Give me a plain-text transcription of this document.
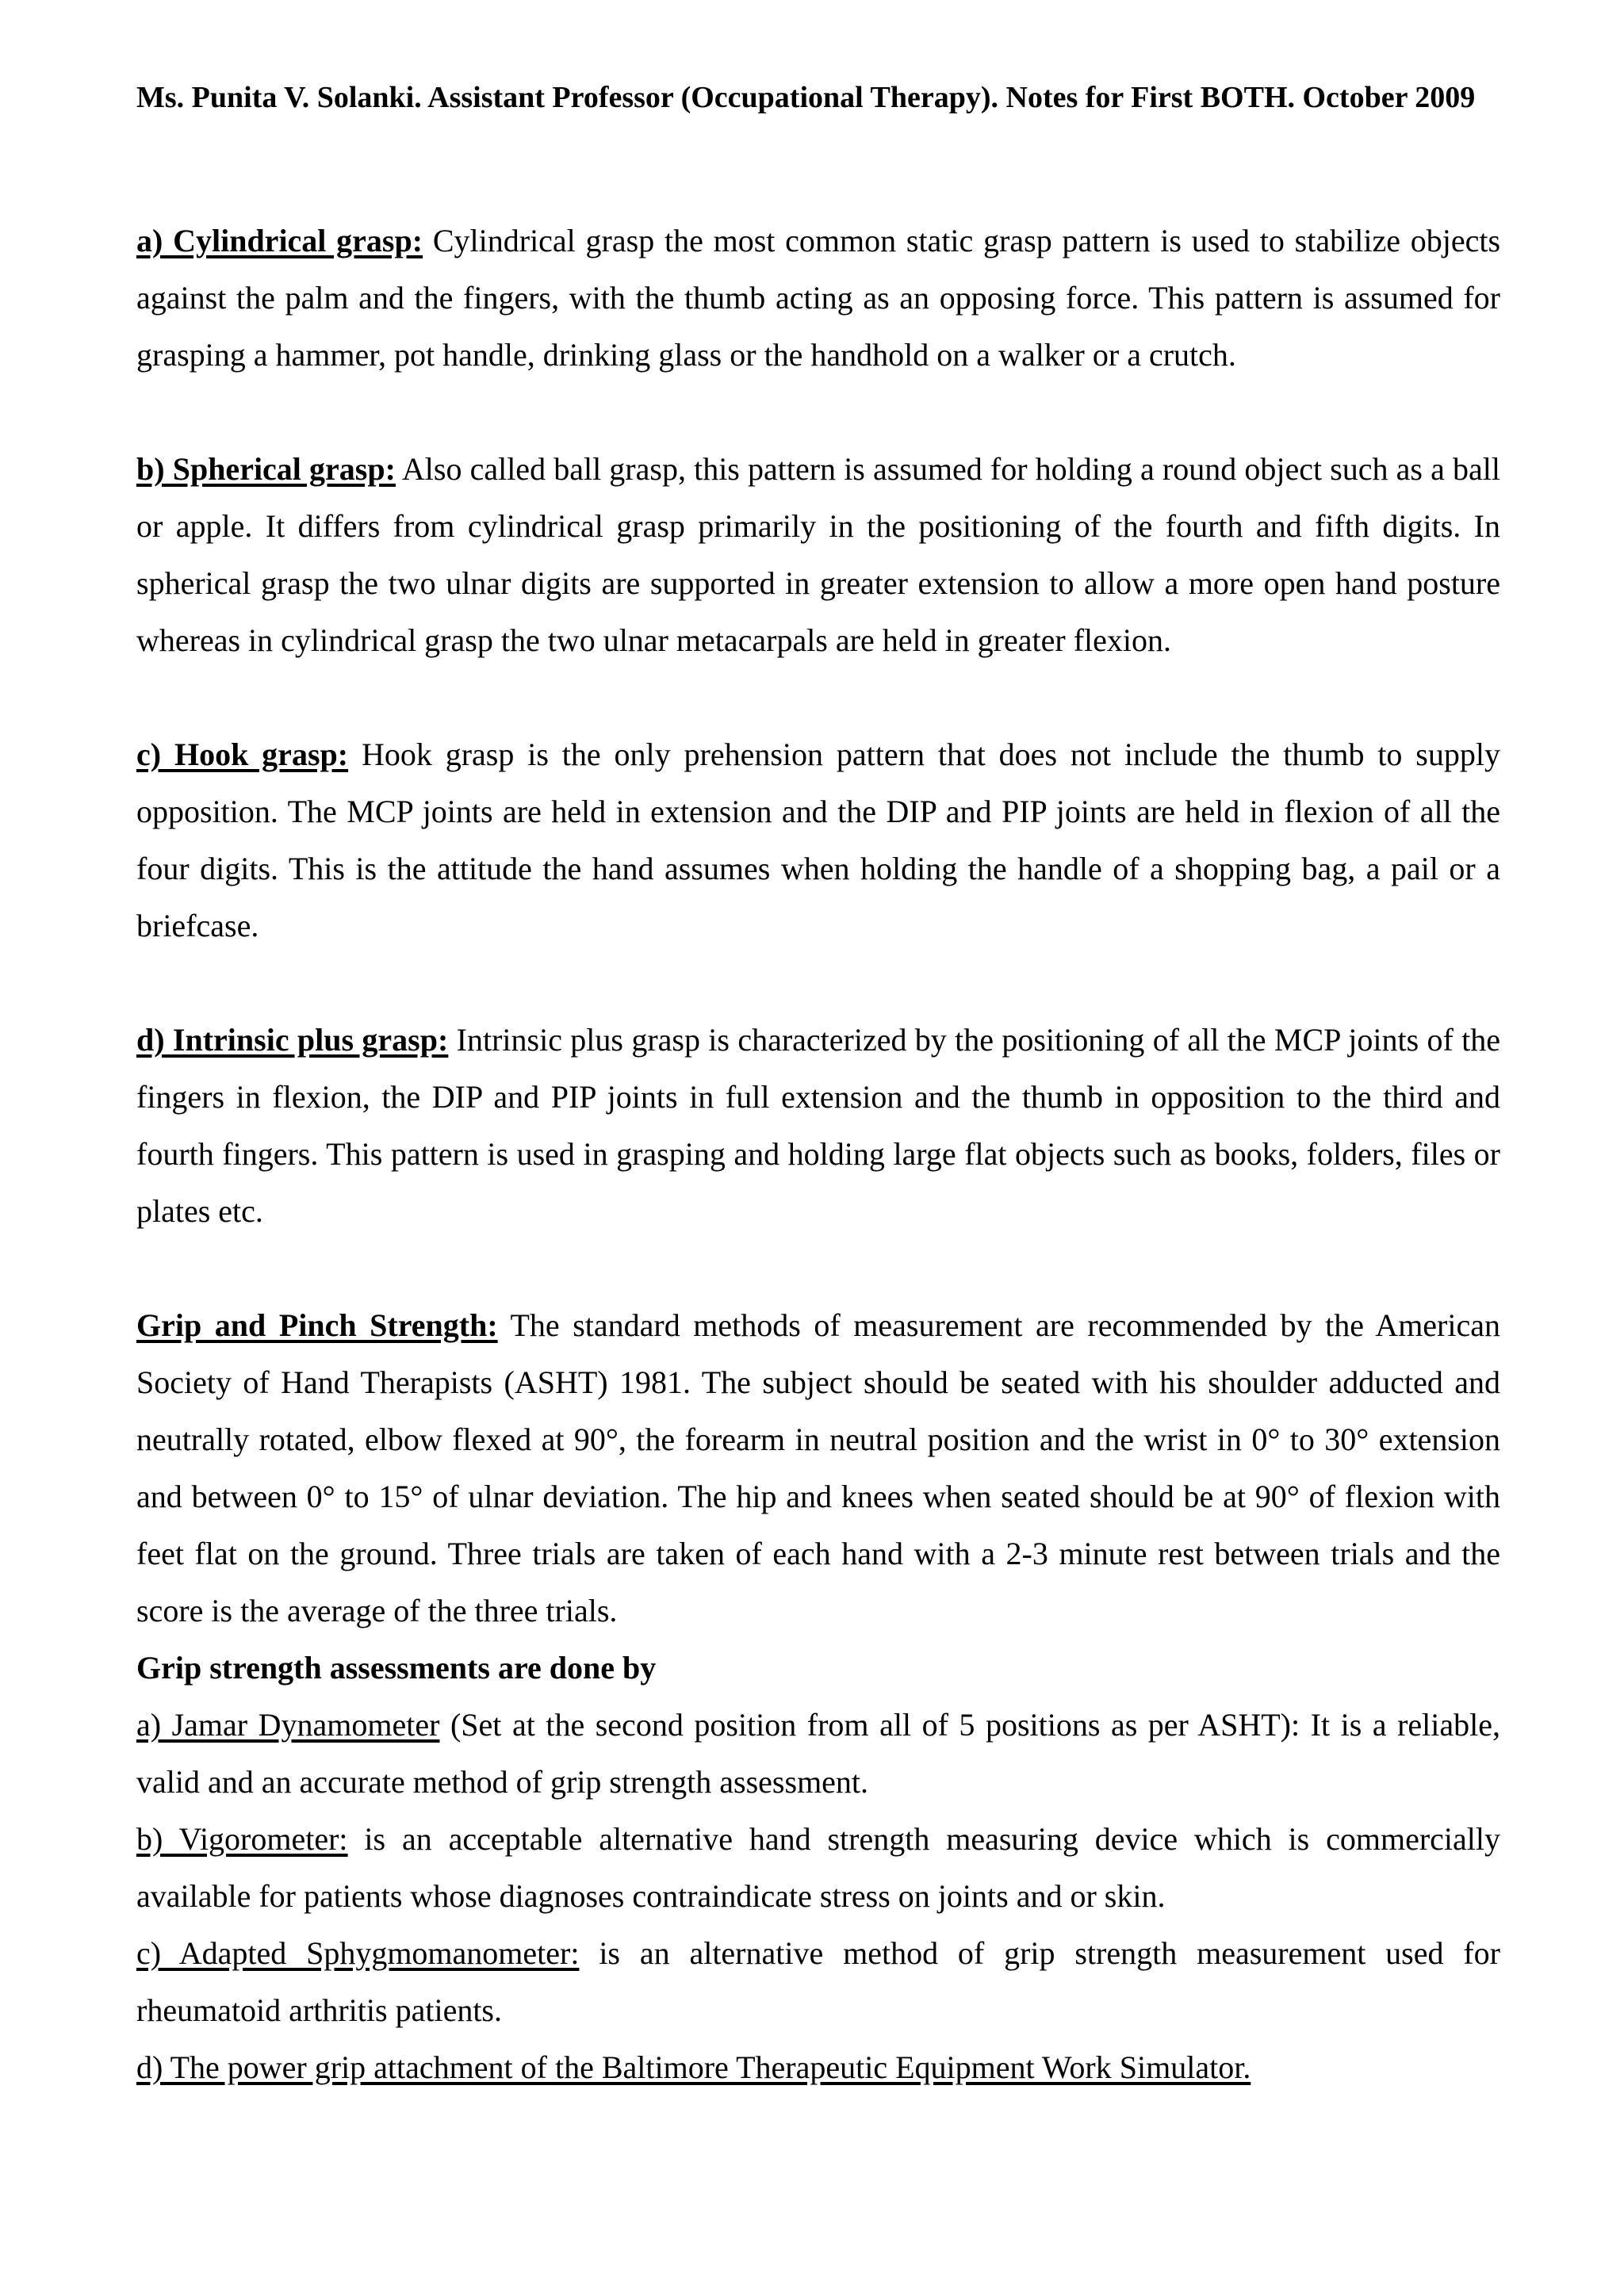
Ms. Punita V. Solanki. Assistant Professor (Occupational Therapy). Notes for First BOTH. October 2009

a) Cylindrical grasp: Cylindrical grasp the most common static grasp pattern is used to stabilize objects against the palm and the fingers, with the thumb acting as an opposing force. This pattern is assumed for grasping a hammer, pot handle, drinking glass or the handhold on a walker or a crutch.

b) Spherical grasp: Also called ball grasp, this pattern is assumed for holding a round object such as a ball or apple. It differs from cylindrical grasp primarily in the positioning of the fourth and fifth digits. In spherical grasp the two ulnar digits are supported in greater extension to allow a more open hand posture whereas in cylindrical grasp the two ulnar metacarpals are held in greater flexion.

c) Hook grasp: Hook grasp is the only prehension pattern that does not include the thumb to supply opposition. The MCP joints are held in extension and the DIP and PIP joints are held in flexion of all the four digits. This is the attitude the hand assumes when holding the handle of a shopping bag, a pail or a briefcase.

d) Intrinsic plus grasp: Intrinsic plus grasp is characterized by the positioning of all the MCP joints of the fingers in flexion, the DIP and PIP joints in full extension and the thumb in opposition to the third and fourth fingers. This pattern is used in grasping and holding large flat objects such as books, folders, files or plates etc.

Grip and Pinch Strength: The standard methods of measurement are recommended by the American Society of Hand Therapists (ASHT) 1981. The subject should be seated with his shoulder adducted and neutrally rotated, elbow flexed at 90°, the forearm in neutral position and the wrist in 0° to 30° extension and between 0° to 15° of ulnar deviation. The hip and knees when seated should be at 90° of flexion with feet flat on the ground. Three trials are taken of each hand with a 2-3 minute rest between trials and the score is the average of the three trials.

Grip strength assessments are done by

a) Jamar Dynamometer (Set at the second position from all of 5 positions as per ASHT): It is a reliable, valid and an accurate method of grip strength assessment.

b) Vigorometer: is an acceptable alternative hand strength measuring device which is commercially available for patients whose diagnoses contraindicate stress on joints and or skin.

c) Adapted Sphygmomanometer: is an alternative method of grip strength measurement used for rheumatoid arthritis patients.

d) The power grip attachment of the Baltimore Therapeutic Equipment Work Simulator.
